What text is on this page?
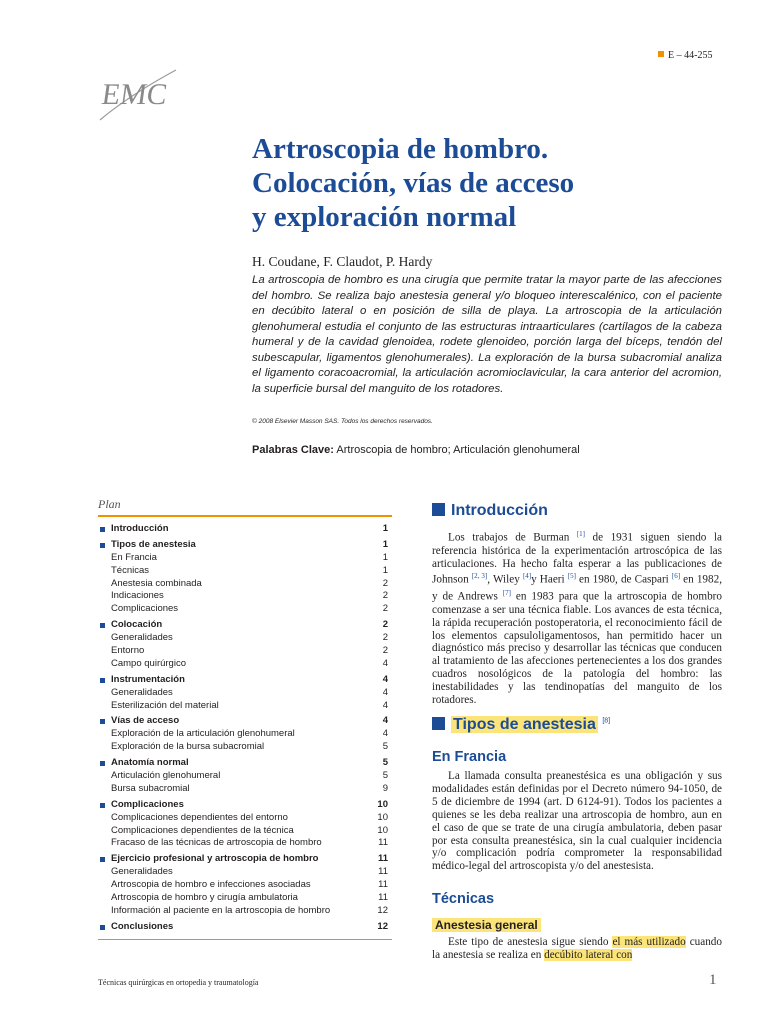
E – 44-255
EMC
Artroscopia de hombro.
Colocación, vías de acceso
y exploración normal
H. Coudane, F. Claudot, P. Hardy

La artroscopia de hombro es una cirugía que permite tratar la mayor parte de las afecciones del hombro. Se realiza bajo anestesia general y/o bloqueo interescalénico, con el paciente en decúbito lateral o en posición de silla de playa. La artroscopia de la articulación glenohumeral estudia el conjunto de las estructuras intraarticulares (cartílagos de la cabeza humeral y de la cavidad glenoidea, rodete glenoideo, porción larga del bíceps, tendón del subescapular, ligamentos glenohumerales). La exploración de la bursa subacromial analiza el ligamento coracoacromial, la articulación acromioclavicular, la cara anterior del acromion, la superficie bursal del manguito de los rotadores.

© 2008 Elsevier Masson SAS. Todos los derechos reservados.
Palabras Clave: Artroscopia de hombro; Articulación glenohumeral
Plan
Introducción	1
Tipos de anestesia	1
En Francia	1
Técnicas	1
Anestesia combinada	2
Indicaciones	2
Complicaciones	2
Colocación	2
Generalidades	2
Entorno	2
Campo quirúrgico	4
Instrumentación	4
Generalidades	4
Esterilización del material	4
Vías de acceso	4
Exploración de la articulación glenohumeral	4
Exploración de la bursa subacromial	5
Anatomía normal	5
Articulación glenohumeral	5
Bursa subacromial	9
Complicaciones	10
Complicaciones dependientes del entorno	10
Complicaciones dependientes de la técnica	10
Fracaso de las técnicas de artroscopia de hombro	11
Ejercicio profesional y artroscopia de hombro	11
Generalidades	11
Artroscopia de hombro e infecciones asociadas	11
Artroscopia de hombro y cirugía ambulatoria	11
Información al paciente en la artroscopia de hombro	12
Conclusiones	12
Introducción

Los trabajos de Burman [1] de 1931 siguen siendo la referencia histórica de la experimentación artroscópica de las articulaciones. Ha hecho falta esperar a las publicaciones de Johnson [2, 3], Wiley [4]y Haeri [5] en 1980, de Caspari [6] en 1982, y de Andrews [7] en 1983 para que la artroscopia de hombro comenzase a ser una técnica fiable. Los avances de esta técnica, la rápida recuperación postoperatoria, el reconocimiento fácil de los elementos capsuloligamentosos, han permitido hacer un diagnóstico más preciso y desarrollar las técnicas que conducen al tratamiento de las afecciones pertenecientes a los dos grandes cuadros nosológicos de la patología del hombro: las inestabilidades y las tendinopatías del manguito de los rotadores.

Tipos de anestesia [8]
En Francia

La llamada consulta preanestésica es una obligación y sus modalidades están definidas por el Decreto número 94-1050, de 5 de diciembre de 1994 (art. D 6124-91). Todos los pacientes a quienes se les deba realizar una artroscopia de hombro, aun en el caso de que se trate de una cirugía ambulatoria, deben pasar por esta consulta preanestésica, sin la cual cualquier incidencia y/o complicación podría comprometer la responsabilidad médico-legal del artroscopista y/o del anestesista.

Técnicas
Anestesia general

Este tipo de anestesia sigue siendo el más utilizado cuando la anestesia se realiza en decúbito lateral con

Técnicas quirúrgicas en ortopedia y traumatología	1
